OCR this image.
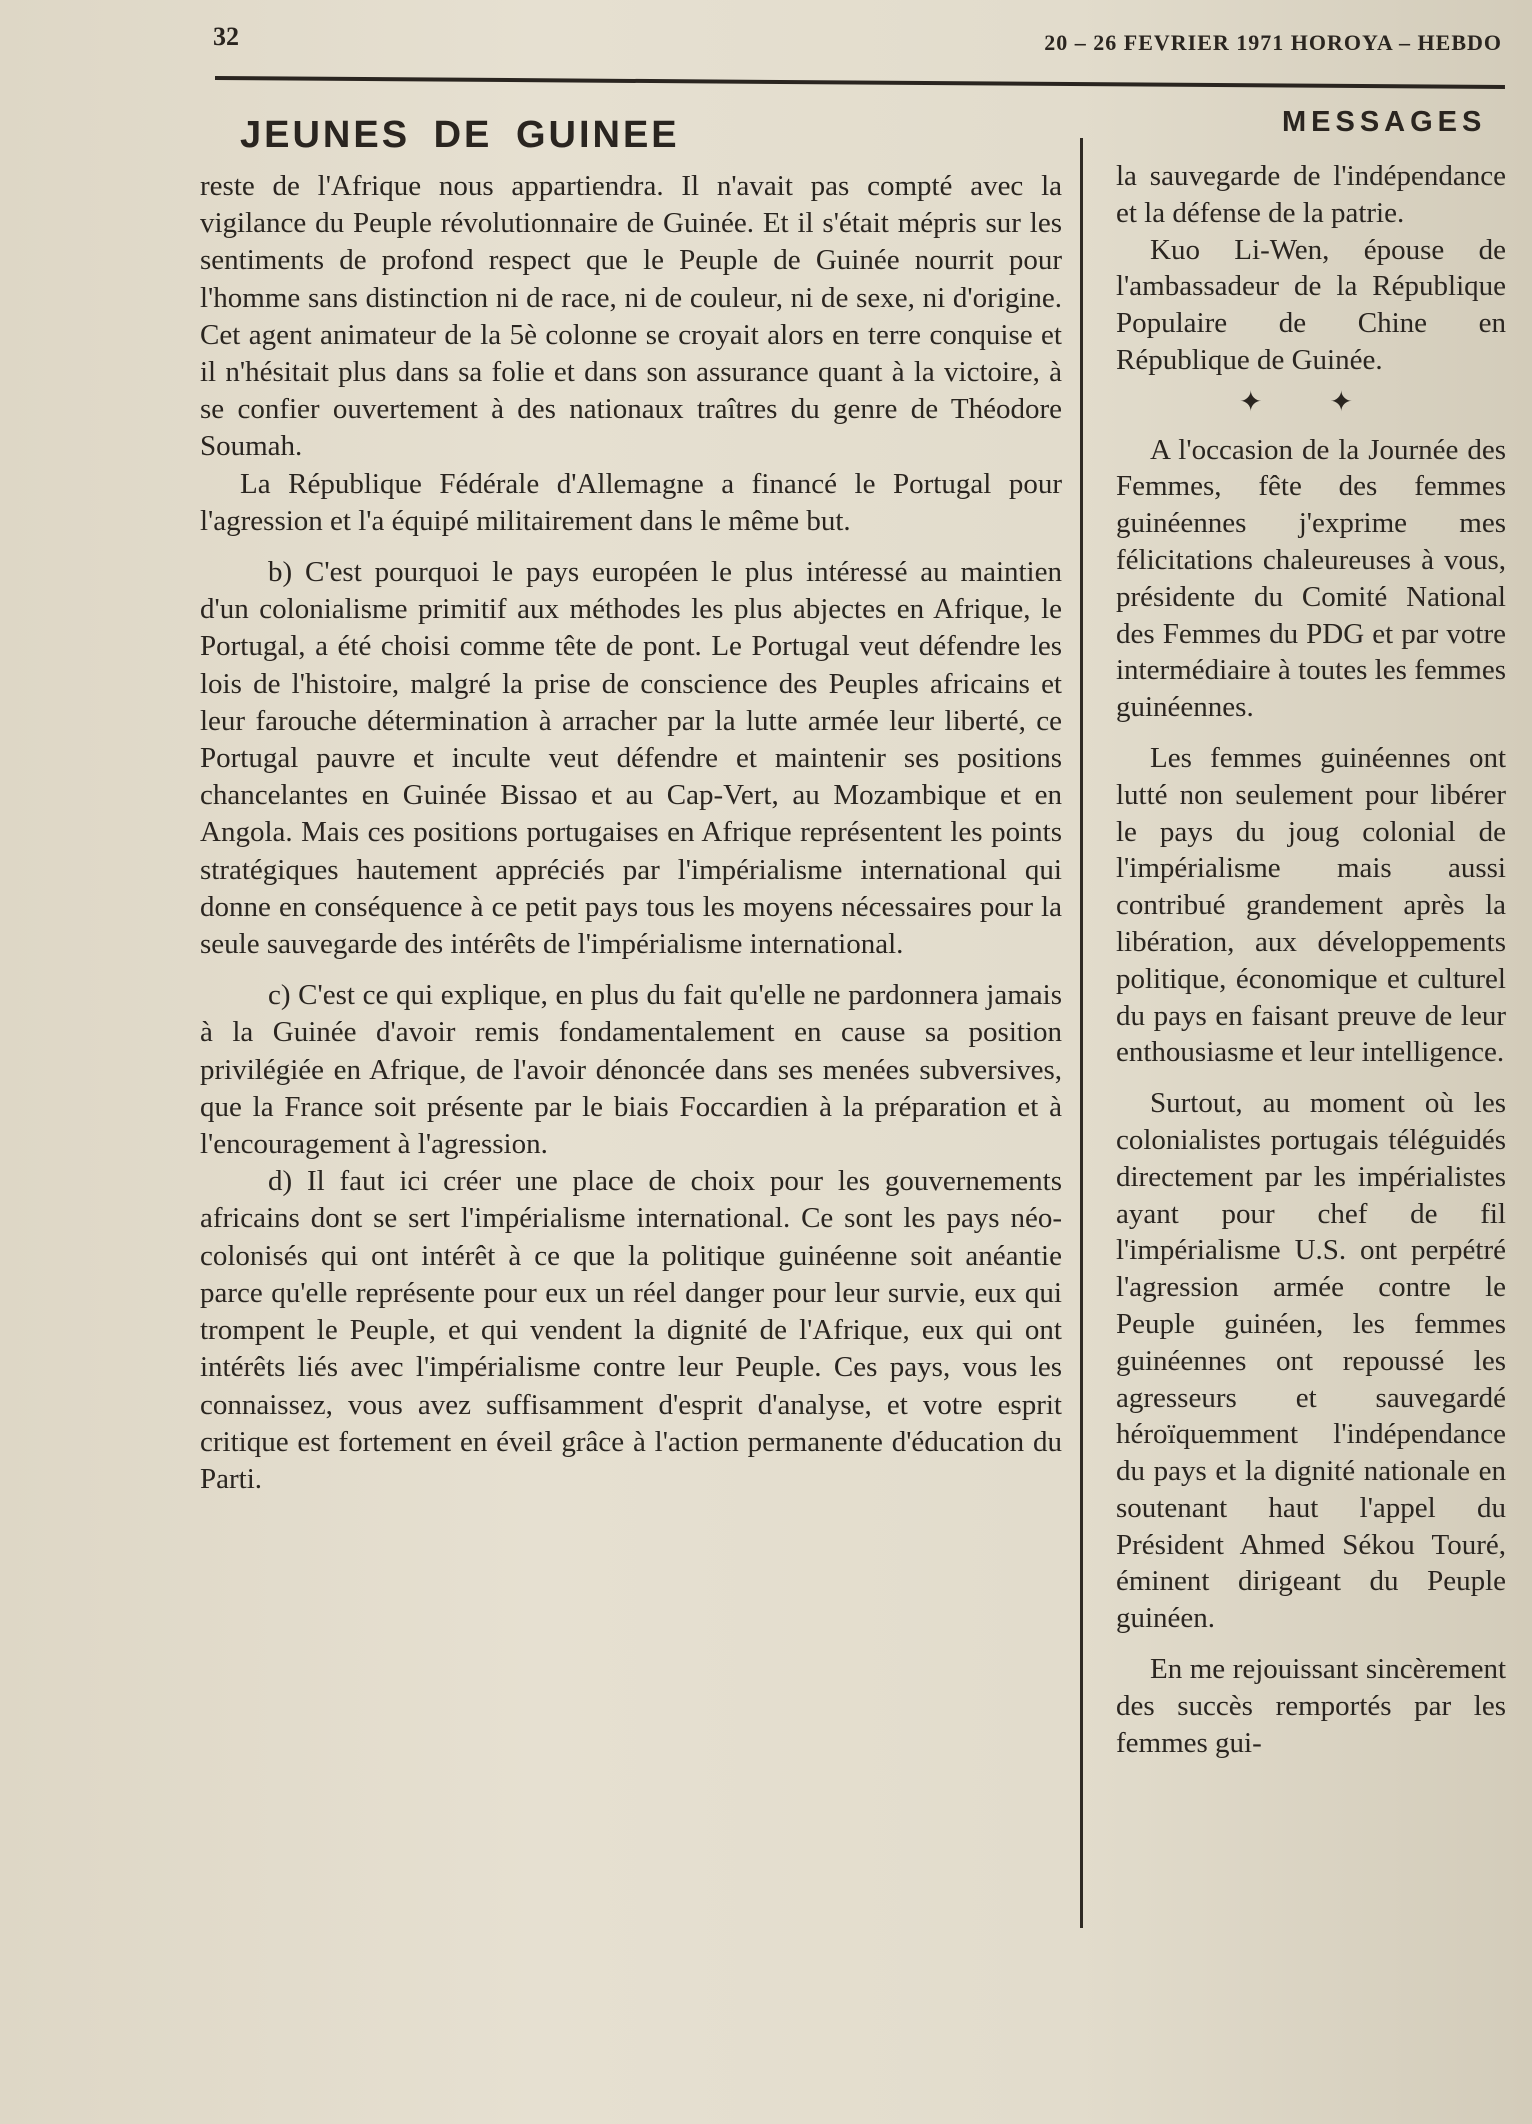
32	20 – 26 FEVRIER 1971 HOROYA – HEBDO
JEUNES DE GUINEE	MESSAGES

reste de l'Afrique nous appartiendra. Il n'avait pas compté avec la vigilance du Peuple révolutionnaire de Guinée. Et il s'était mépris sur les sentiments de profond respect que le Peuple de Guinée nourrit pour l'homme sans distinction ni de race, ni de couleur, ni de sexe, ni d'origine. Cet agent animateur de la 5è colonne se croyait alors en terre conquise et il n'hésitait plus dans sa folie et dans son assurance quant à la victoire, à se confier ouvertement à des nationaux traîtres du genre de Théodore Soumah.

La République Fédérale d'Allemagne a financé le Portugal pour l'agression et l'a équipé militairement dans le même but.

b) C'est pourquoi le pays européen le plus intéressé au maintien d'un colonialisme primitif aux méthodes les plus abjectes en Afrique, le Portugal, a été choisi comme tête de pont. Le Portugal veut défendre les lois de l'histoire, malgré la prise de conscience des Peuples africains et leur farouche détermination à arracher par la lutte armée leur liberté, ce Portugal pauvre et inculte veut défendre et maintenir ses positions chancelantes en Guinée Bissao et au Cap-Vert, au Mozambique et en Angola. Mais ces positions portugaises en Afrique représentent les points stratégiques hautement appréciés par l'impérialisme international qui donne en conséquence à ce petit pays tous les moyens nécessaires pour la seule sauvegarde des intérêts de l'impérialisme international.

c) C'est ce qui explique, en plus du fait qu'elle ne pardonnera jamais à la Guinée d'avoir remis fondamentalement en cause sa position privilégiée en Afrique, de l'avoir dénoncée dans ses menées subversives, que la France soit présente par le biais Foccardien à la préparation et à l'encouragement à l'agression.

d) Il faut ici créer une place de choix pour les gouvernements africains dont se sert l'impérialisme international. Ce sont les pays néo-colonisés qui ont intérêt à ce que la politique guinéenne soit anéantie parce qu'elle représente pour eux un réel danger pour leur survie, eux qui trompent le Peuple, et qui vendent la dignité de l'Afrique, eux qui ont intérêts liés avec l'impérialisme contre leur Peuple. Ces pays, vous les connaissez, vous avez suffisamment d'esprit d'analyse, et votre esprit critique est fortement en éveil grâce à l'action permanente d'éducation du Parti.

la sauvegarde de l'indépendance et la défense de la patrie.

Kuo Li-Wen, épouse de l'ambassadeur de la République Populaire de Chine en République de Guinée.

✦ ✦

A l'occasion de la Journée des Femmes, fête des femmes guinéennes j'exprime mes félicitations chaleureuses à vous, présidente du Comité National des Femmes du PDG et par votre intermédiaire à toutes les femmes guinéennes.

Les femmes guinéennes ont lutté non seulement pour libérer le pays du joug colonial de l'impérialisme mais aussi contribué grandement après la libération, aux développements politique, économique et culturel du pays en faisant preuve de leur enthousiasme et leur intelligence.

Surtout, au moment où les colonialistes portugais téléguidés directement par les impérialistes ayant pour chef de fil l'impérialisme U.S. ont perpétré l'agression armée contre le Peuple guinéen, les femmes guinéennes ont repoussé les agresseurs et sauvegardé héroïquemment l'indépendance du pays et la dignité nationale en soutenant haut l'appel du Président Ahmed Sékou Touré, éminent dirigeant du Peuple guinéen.

En me rejouissant sincèrement des succès remportés par les femmes gui-
